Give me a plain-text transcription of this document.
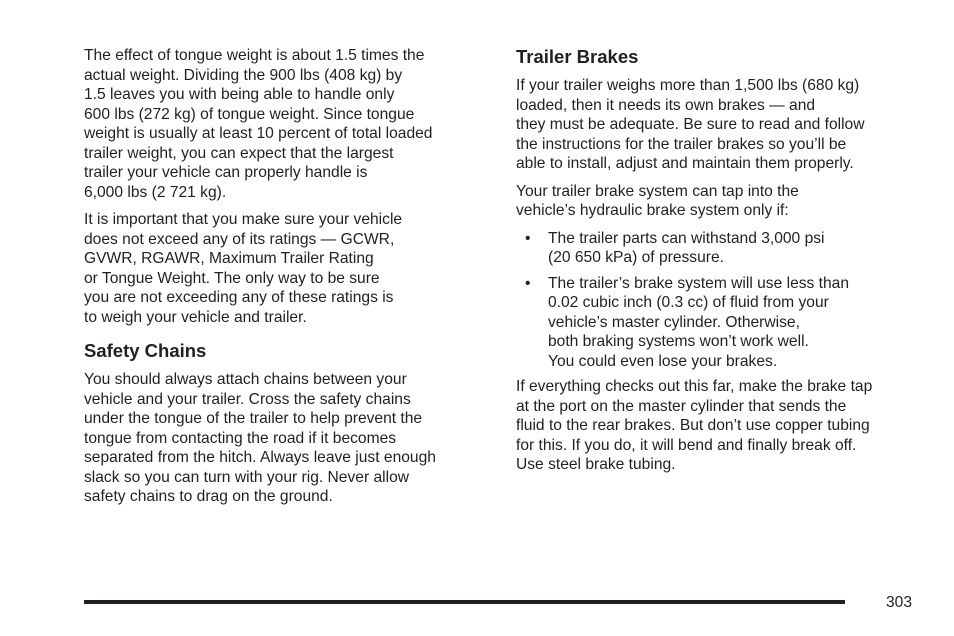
The effect of tongue weight is about 1.5 times the
actual weight. Dividing the 900 lbs (408 kg) by
1.5 leaves you with being able to handle only
600 lbs (272 kg) of tongue weight. Since tongue
weight is usually at least 10 percent of total loaded
trailer weight, you can expect that the largest
trailer your vehicle can properly handle is
6,000 lbs (2 721 kg).

It is important that you make sure your vehicle
does not exceed any of its ratings — GCWR,
GVWR, RGAWR, Maximum Trailer Rating
or Tongue Weight. The only way to be sure
you are not exceeding any of these ratings is
to weigh your vehicle and trailer.

Safety Chains

You should always attach chains between your
vehicle and your trailer. Cross the safety chains
under the tongue of the trailer to help prevent the
tongue from contacting the road if it becomes
separated from the hitch. Always leave just enough
slack so you can turn with your rig. Never allow
safety chains to drag on the ground.

Trailer Brakes

If your trailer weighs more than 1,500 lbs (680 kg)
loaded, then it needs its own brakes — and
they must be adequate. Be sure to read and follow
the instructions for the trailer brakes so you’ll be
able to install, adjust and maintain them properly.

Your trailer brake system can tap into the
vehicle’s hydraulic brake system only if:

• The trailer parts can withstand 3,000 psi
(20 650 kPa) of pressure.
• The trailer’s brake system will use less than
0.02 cubic inch (0.3 cc) of fluid from your
vehicle’s master cylinder. Otherwise,
both braking systems won’t work well.
You could even lose your brakes.

If everything checks out this far, make the brake tap
at the port on the master cylinder that sends the
fluid to the rear brakes. But don’t use copper tubing
for this. If you do, it will bend and finally break off.
Use steel brake tubing.

303
